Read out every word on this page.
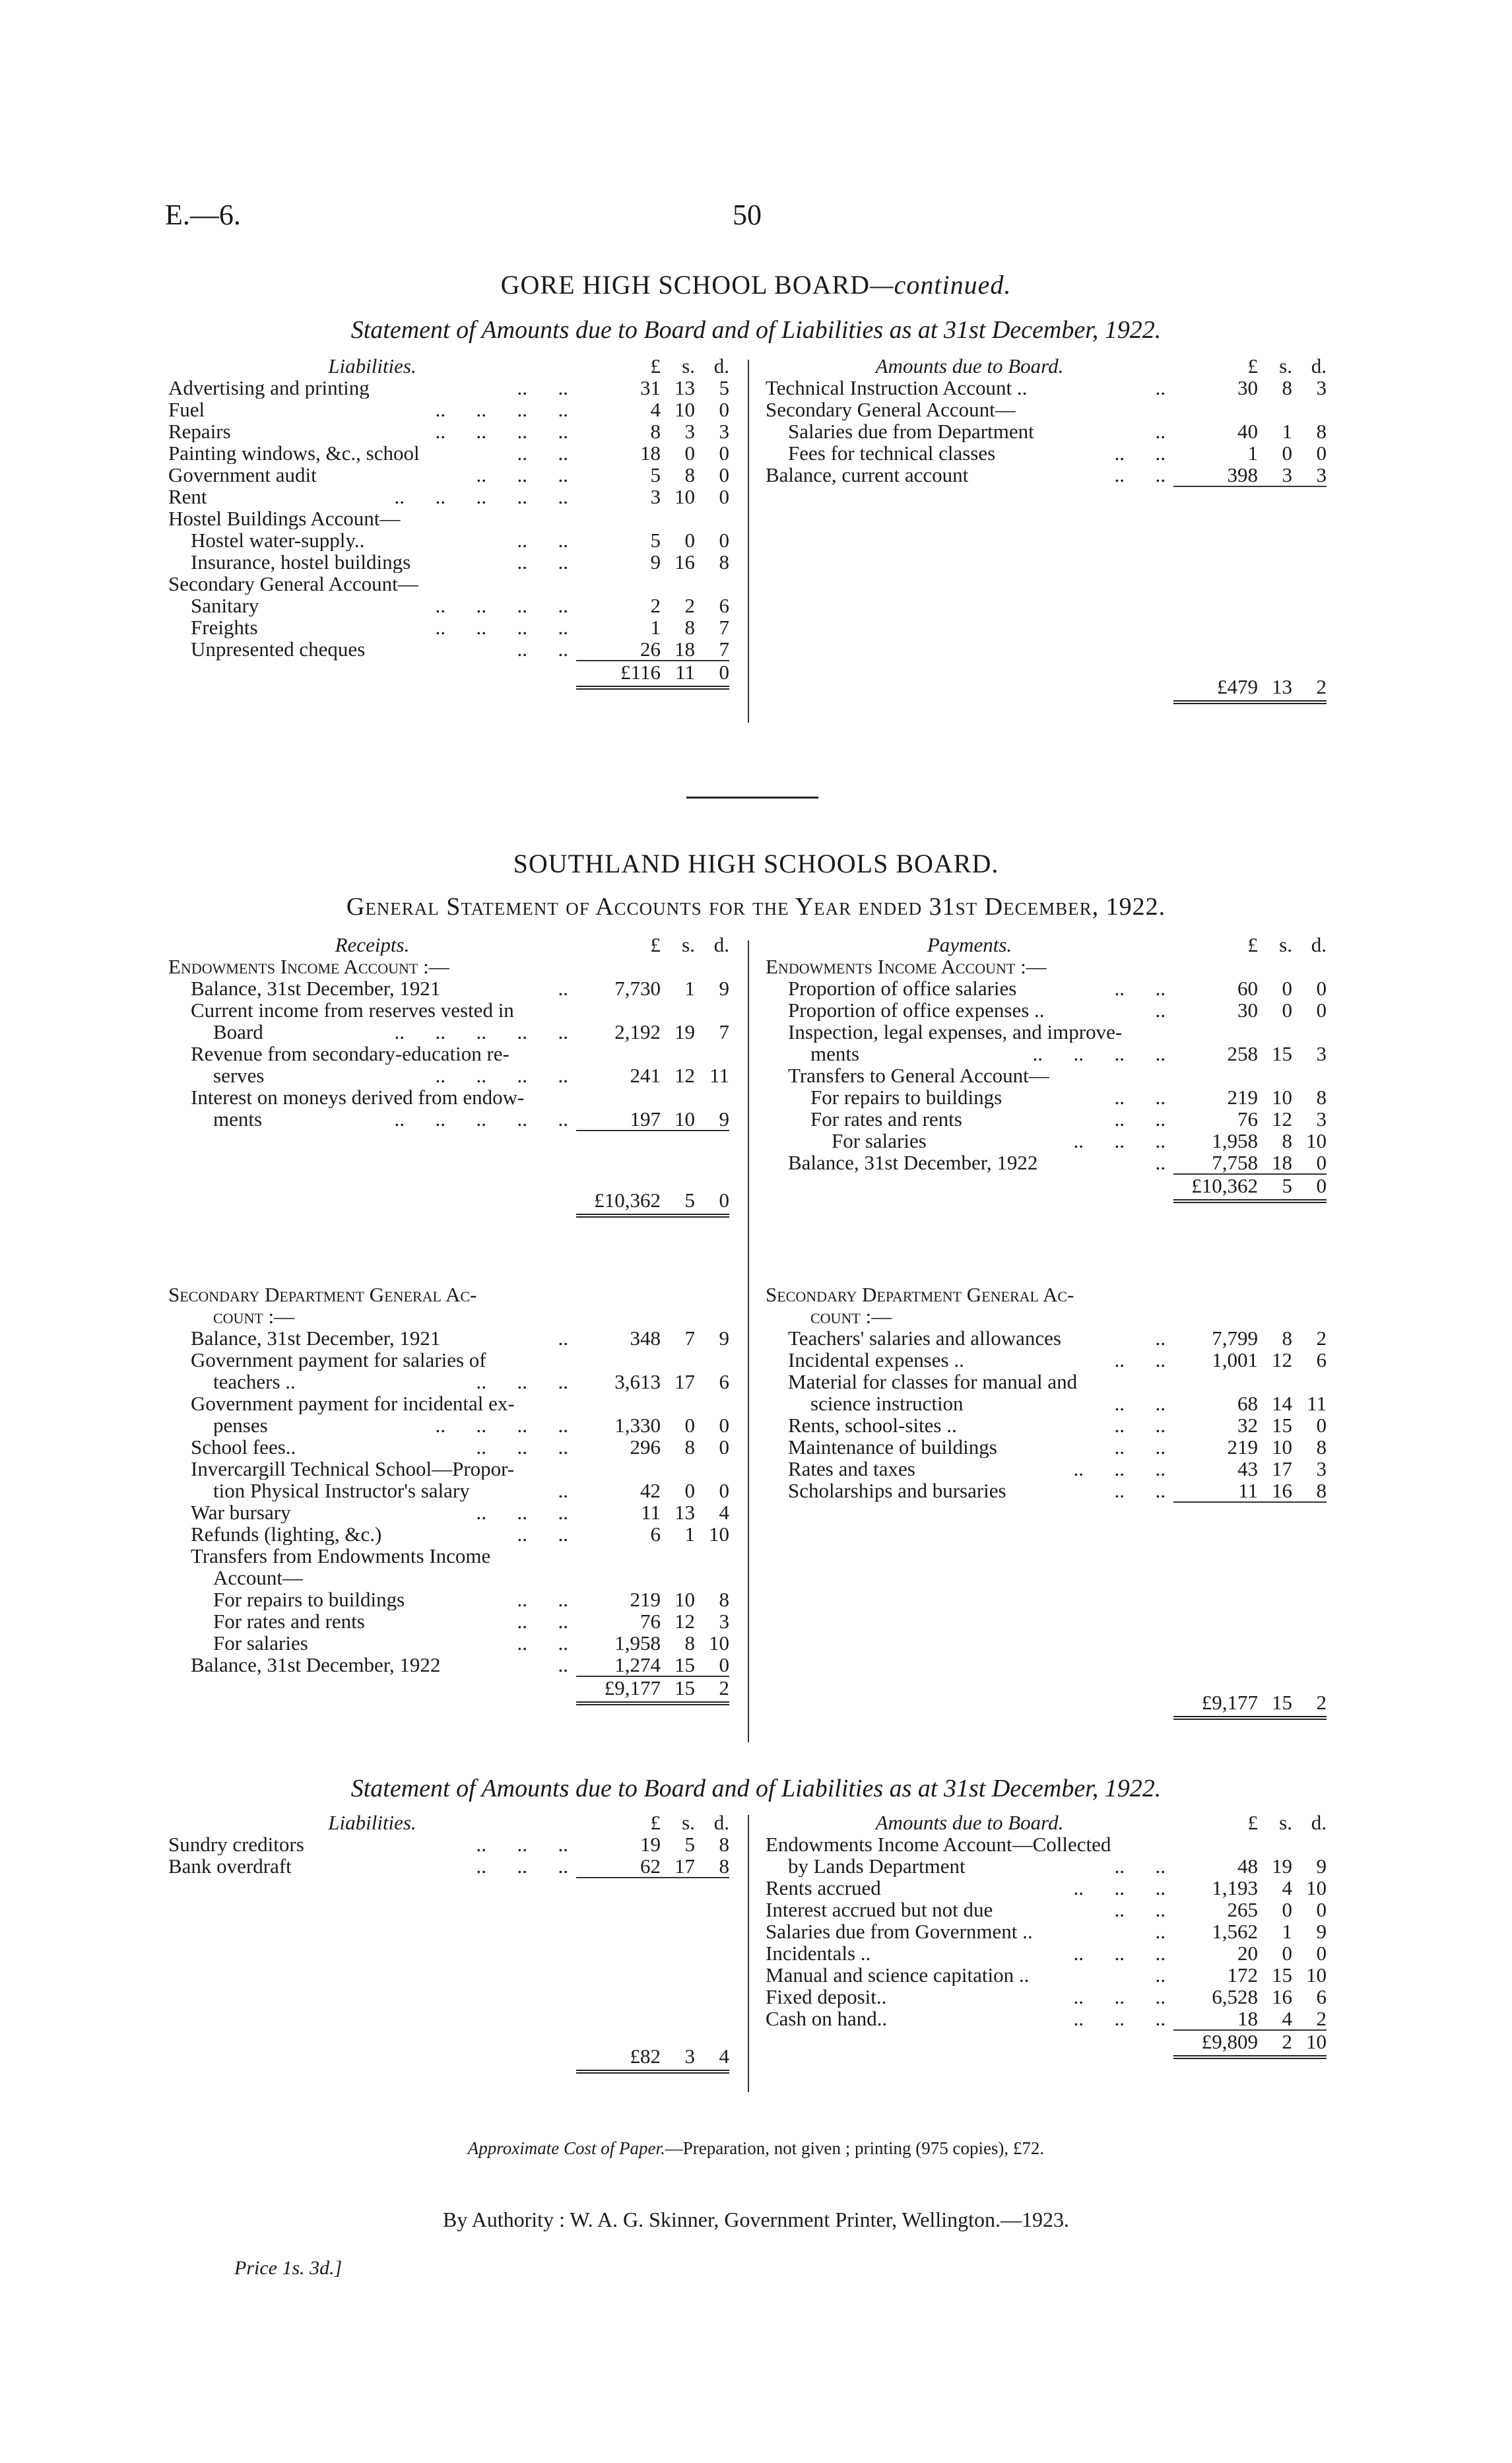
E.—6.	50
GORE HIGH SCHOOL BOARD—continued.
Statement of Amounts due to Board and of Liabilities as at 31st December, 1922.
Liabilities.	£	s.	d.
Advertising and printing ..      ..	31	13	5
Fuel ..      ..      ..      ..	4	10	0
Repairs ..      ..      ..      ..	8	3	3
Painting windows, &c., school ..      ..	18	0	0
Government audit ..      ..      ..	5	8	0
Rent ..      ..      ..      ..      ..	3	10	0
Hostel Buildings Account—			
Hostel water-supply.. ..      ..	5	0	0
Insurance, hostel buildings ..      ..	9	16	8
Secondary General Account—			
Sanitary ..      ..      ..      ..	2	2	6
Freights ..      ..      ..      ..	1	8	7
Unpresented cheques ..      ..	26	18	7
	£116	11	0
Amounts due to Board.	£	s.	d.
Technical Instruction Account .. ..	30	8	3
Secondary General Account—			
Salaries due from Department ..	40	1	8
Fees for technical classes ..      ..	1	0	0
Balance, current account ..      ..	398	3	3
	£479	13	2
SOUTHLAND HIGH SCHOOLS BOARD.
General Statement of Accounts for the Year ended 31st December, 1922.
Receipts.	£	s.	d.
Endowments Income Account :—			
Balance, 31st December, 1921 ..	7,730	1	9
Current income from reserves vested in			
Board ..      ..      ..      ..      ..	2,192	19	7
Revenue from secondary-education re-			
serves ..      ..      ..      ..	241	12	11
Interest on moneys derived from endow-			
ments ..      ..      ..      ..      ..	197	10	9
	£10,362	5	0
Payments.	£	s.	d.
Endowments Income Account :—			
Proportion of office salaries ..      ..	60	0	0
Proportion of office expenses .. ..	30	0	0
Inspection, legal expenses, and improve-			
ments ..      ..      ..      ..	258	15	3
Transfers to General Account—			
For repairs to buildings ..      ..	219	10	8
For rates and rents ..      ..	76	12	3
For salaries ..      ..      ..	1,958	8	10
Balance, 31st December, 1922 ..	7,758	18	0
	£10,362	5	0
Secondary Department General Ac-			
count :—			
Balance, 31st December, 1921 ..	348	7	9
Government payment for salaries of			
teachers .. ..      ..      ..	3,613	17	6
Government payment for incidental ex-			
penses ..      ..      ..      ..	1,330	0	0
School fees.. ..      ..      ..	296	8	0
Invercargill Technical School—Propor-			
tion Physical Instructor's salary ..	42	0	0
War bursary ..      ..      ..	11	13	4
Refunds (lighting, &c.) ..      ..	6	1	10
Transfers from Endowments Income			
Account—			
For repairs to buildings ..      ..	219	10	8
For rates and rents ..      ..	76	12	3
For salaries ..      ..	1,958	8	10
Balance, 31st December, 1922 ..	1,274	15	0
	£9,177	15	2
Secondary Department General Ac-			
count :—			
Teachers' salaries and allowances ..	7,799	8	2
Incidental expenses .. ..      ..	1,001	12	6
Material for classes for manual and			
science instruction ..      ..	68	14	11
Rents, school-sites .. ..      ..	32	15	0
Maintenance of buildings ..      ..	219	10	8
Rates and taxes ..      ..      ..	43	17	3
Scholarships and bursaries ..      ..	11	16	8
	£9,177	15	2
Statement of Amounts due to Board and of Liabilities as at 31st December, 1922.
Liabilities.	£	s.	d.
Sundry creditors ..      ..      ..	19	5	8
Bank overdraft ..      ..      ..	62	17	8
	£82	3	4
Amounts due to Board.	£	s.	d.
Endowments Income Account—Collected			
by Lands Department ..      ..	48	19	9
Rents accrued ..      ..      ..	1,193	4	10
Interest accrued but not due ..      ..	265	0	0
Salaries due from Government .. ..	1,562	1	9
Incidentals .. ..      ..      ..	20	0	0
Manual and science capitation .. ..	172	15	10
Fixed deposit.. ..      ..      ..	6,528	16	6
Cash on hand.. ..      ..      ..	18	4	2
	£9,809	2	10
Approximate Cost of Paper.—Preparation, not given ; printing (975 copies), £72.
By Authority : W. A. G. Skinner, Government Printer, Wellington.—1923.
Price 1s. 3d.]
